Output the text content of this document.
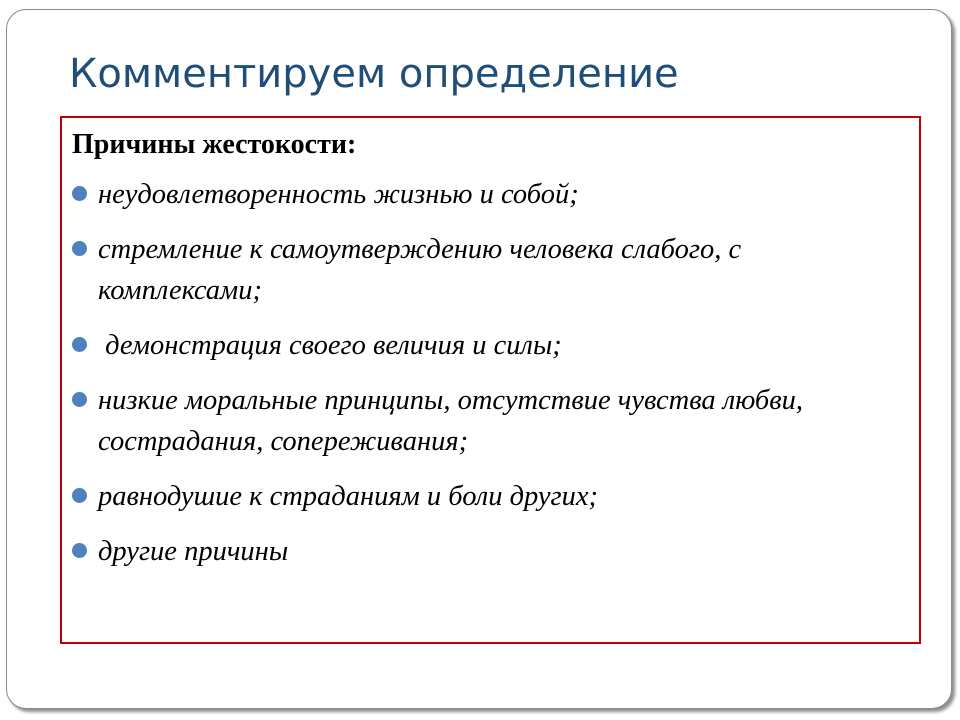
Комментируем определение

Причины жестокости:

неудовлетворенность жизнью и собой;
стремление к самоутверждению человека слабого, с комплексами;
демонстрация своего величия и силы;
низкие моральные принципы, отсутствие чувства любви, сострадания, сопереживания;
равнодушие к страданиям и боли других;
другие причины
